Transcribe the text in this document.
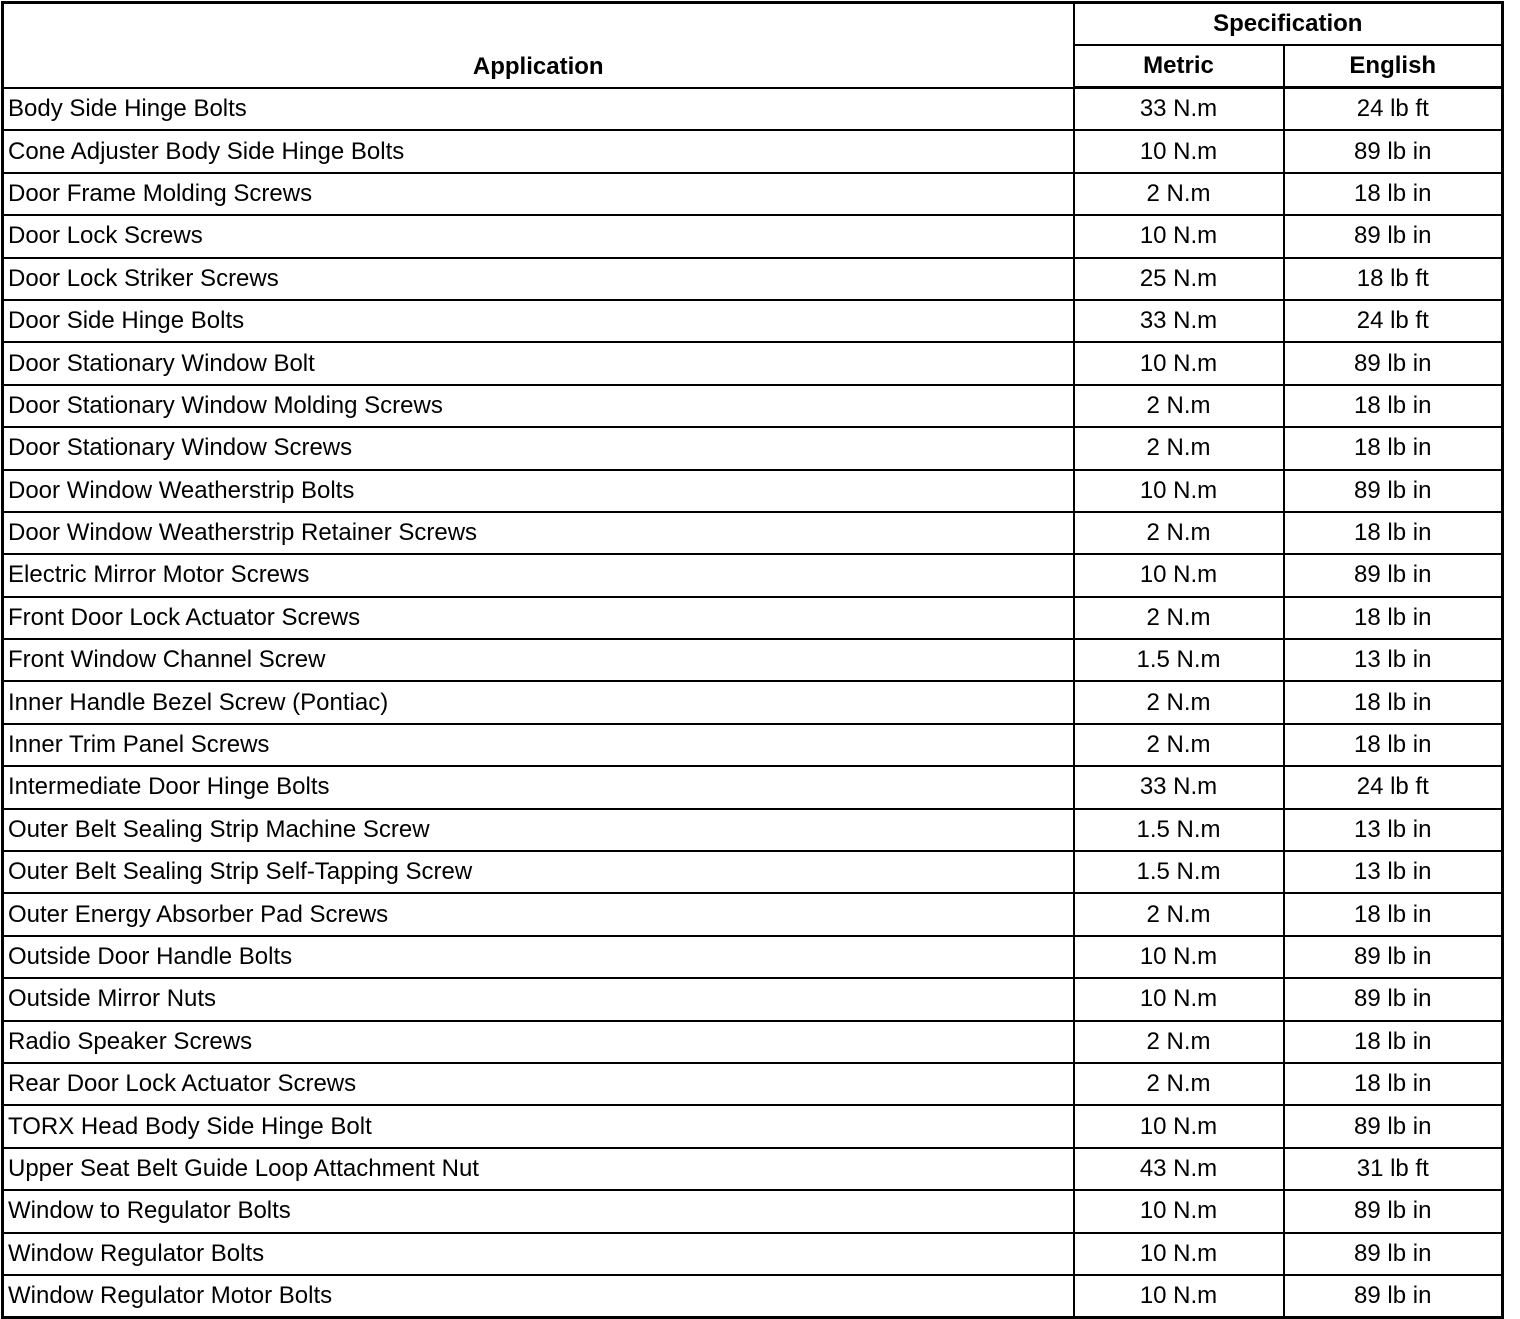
Application	Specification	
	Metric	English
Body Side Hinge Bolts	33 N.m	24 lb ft
Cone Adjuster Body Side Hinge Bolts	10 N.m	89 lb in
Door Frame Molding Screws	2 N.m	18 lb in
Door Lock Screws	10 N.m	89 lb in
Door Lock Striker Screws	25 N.m	18 lb ft
Door Side Hinge Bolts	33 N.m	24 lb ft
Door Stationary Window Bolt	10 N.m	89 lb in
Door Stationary Window Molding Screws	2 N.m	18 lb in
Door Stationary Window Screws	2 N.m	18 lb in
Door Window Weatherstrip Bolts	10 N.m	89 lb in
Door Window Weatherstrip Retainer Screws	2 N.m	18 lb in
Electric Mirror Motor Screws	10 N.m	89 lb in
Front Door Lock Actuator Screws	2 N.m	18 lb in
Front Window Channel Screw	1.5 N.m	13 lb in
Inner Handle Bezel Screw (Pontiac)	2 N.m	18 lb in
Inner Trim Panel Screws	2 N.m	18 lb in
Intermediate Door Hinge Bolts	33 N.m	24 lb ft
Outer Belt Sealing Strip Machine Screw	1.5 N.m	13 lb in
Outer Belt Sealing Strip Self-Tapping Screw	1.5 N.m	13 lb in
Outer Energy Absorber Pad Screws	2 N.m	18 lb in
Outside Door Handle Bolts	10 N.m	89 lb in
Outside Mirror Nuts	10 N.m	89 lb in
Radio Speaker Screws	2 N.m	18 lb in
Rear Door Lock Actuator Screws	2 N.m	18 lb in
TORX Head Body Side Hinge Bolt	10 N.m	89 lb in
Upper Seat Belt Guide Loop Attachment Nut	43 N.m	31 lb ft
Window to Regulator Bolts	10 N.m	89 lb in
Window Regulator Bolts	10 N.m	89 lb in
Window Regulator Motor Bolts	10 N.m	89 lb in
